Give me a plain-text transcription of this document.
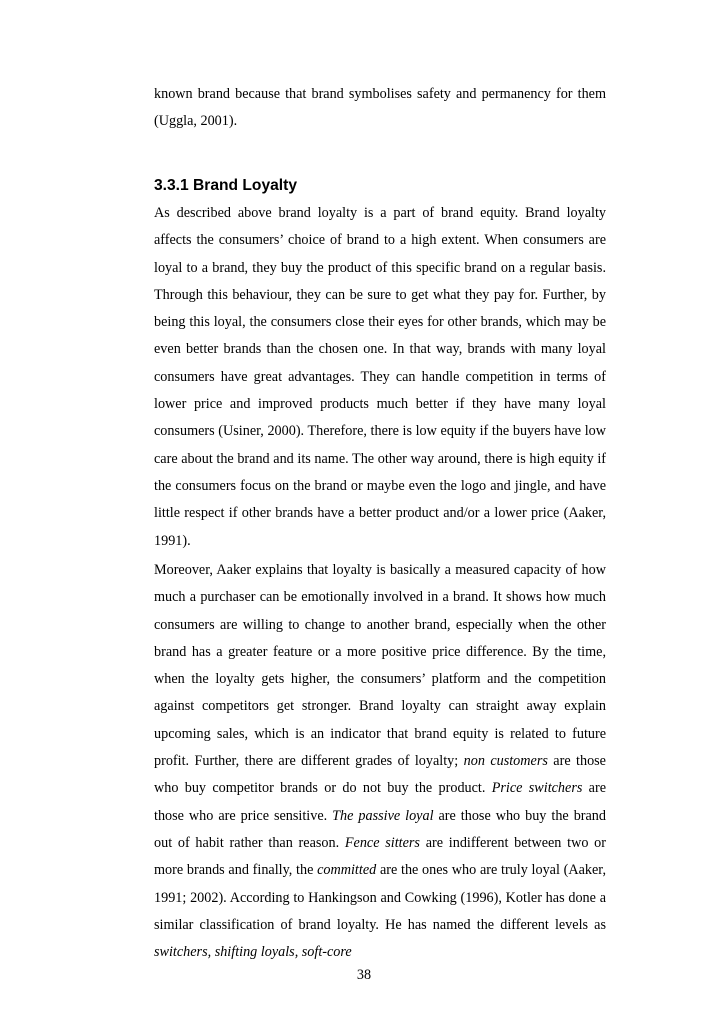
known brand because that brand symbolises safety and permanency for them (Uggla, 2001).

3.3.1 Brand Loyalty

As described above brand loyalty is a part of brand equity. Brand loyalty affects the consumers’ choice of brand to a high extent. When consumers are loyal to a brand, they buy the product of this specific brand on a regular basis. Through this behaviour, they can be sure to get what they pay for. Further, by being this loyal, the consumers close their eyes for other brands, which may be even better brands than the chosen one. In that way, brands with many loyal consumers have great advantages. They can handle competition in terms of lower price and improved products much better if they have many loyal consumers (Usiner, 2000). Therefore, there is low equity if the buyers have low care about the brand and its name. The other way around, there is high equity if the consumers focus on the brand or maybe even the logo and jingle, and have little respect if other brands have a better product and/or a lower price (Aaker, 1991).

Moreover, Aaker explains that loyalty is basically a measured capacity of how much a purchaser can be emotionally involved in a brand. It shows how much consumers are willing to change to another brand, especially when the other brand has a greater feature or a more positive price difference. By the time, when the loyalty gets higher, the consumers’ platform and the competition against competitors get stronger. Brand loyalty can straight away explain upcoming sales, which is an indicator that brand equity is related to future profit. Further, there are different grades of loyalty; non customers are those who buy competitor brands or do not buy the product. Price switchers are those who are price sensitive. The passive loyal are those who buy the brand out of habit rather than reason. Fence sitters are indifferent between two or more brands and finally, the committed are the ones who are truly loyal (Aaker, 1991; 2002). According to Hankingson and Cowking (1996), Kotler has done a similar classification of brand loyalty. He has named the different levels as switchers, shifting loyals, soft-core

38
